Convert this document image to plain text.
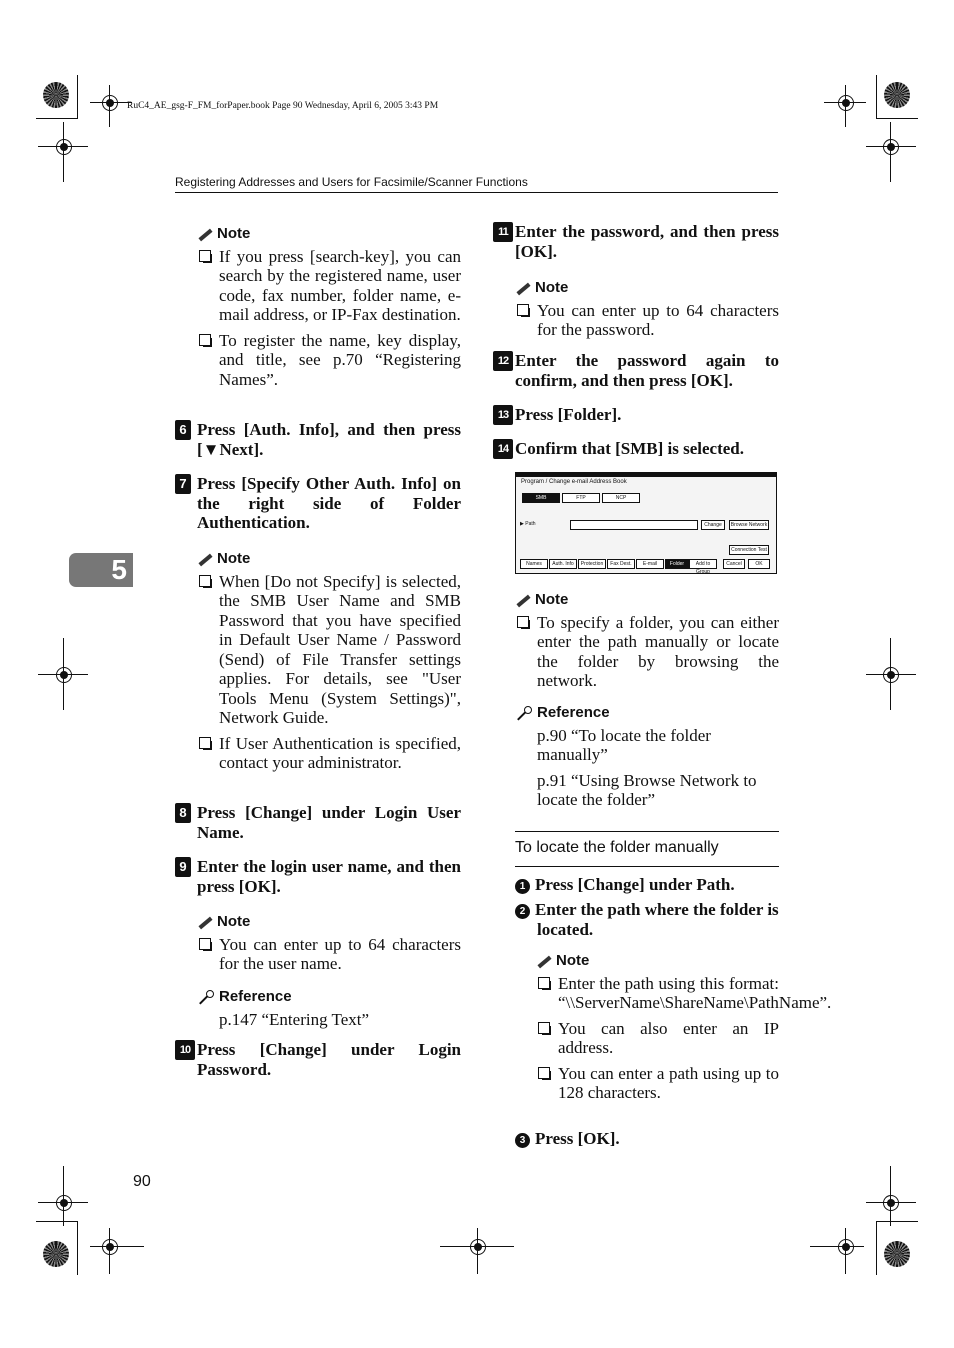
RuC4_AE_gsg-F_FM_forPaper.book Page 90 Wednesday, April 6, 2005 3:43 PM
Registering Addresses and Users for Facsimile/Scanner Functions
5
90
Note
If you press [search-key], you can search by the registered name, user code, fax number, folder name, e-mail address, or IP-Fax destination.
To register the name, key display, and title, see p.70 “Registering Names”.
6 Press [Auth. Info], and then press [▼Next].
7 Press [Specify Other Auth. Info] on the right side of Folder Authentication.
Note
When [Do not Specify] is selected, the SMB User Name and SMB Password that you have specified in Default User Name / Password (Send) of File Transfer settings applies. For details, see "User Tools Menu (System Settings)", Network Guide.
If User Authentication is specified, contact your administrator.
8 Press [Change] under Login User Name.
9 Enter the login user name, and then press [OK].
Note
You can enter up to 64 characters for the user name.
Reference
p.147 “Entering Text”
10 Press [Change] under Login Password.
11 Enter the password, and then press [OK].
Note
You can enter up to 64 characters for the password.
12 Enter the password again to confirm, and then press [OK].
13 Press [Folder].
14 Confirm that [SMB] is selected.
Note
To specify a folder, you can either enter the path manually or locate the folder by browsing the network.
Reference
p.90 “To locate the folder manually”
p.91 “Using Browse Network to locate the folder”
To locate the folder manually
1 Press [Change] under Path.
2 Enter the path where the folder is located.
Note
Enter the path using this format: “\\ServerName\ShareName\PathName”.
You can also enter an IP address.
You can enter a path using up to 128 characters.
3 Press [OK].
Program / Change e-mail Address Book
SMB	FTP	NCP
▶ Path	Change	Browse Network
Connection Test
Names	Auth. Info	Protection	Fax Dest.	E-mail	Folder	Add to Group
Cancel	OK
